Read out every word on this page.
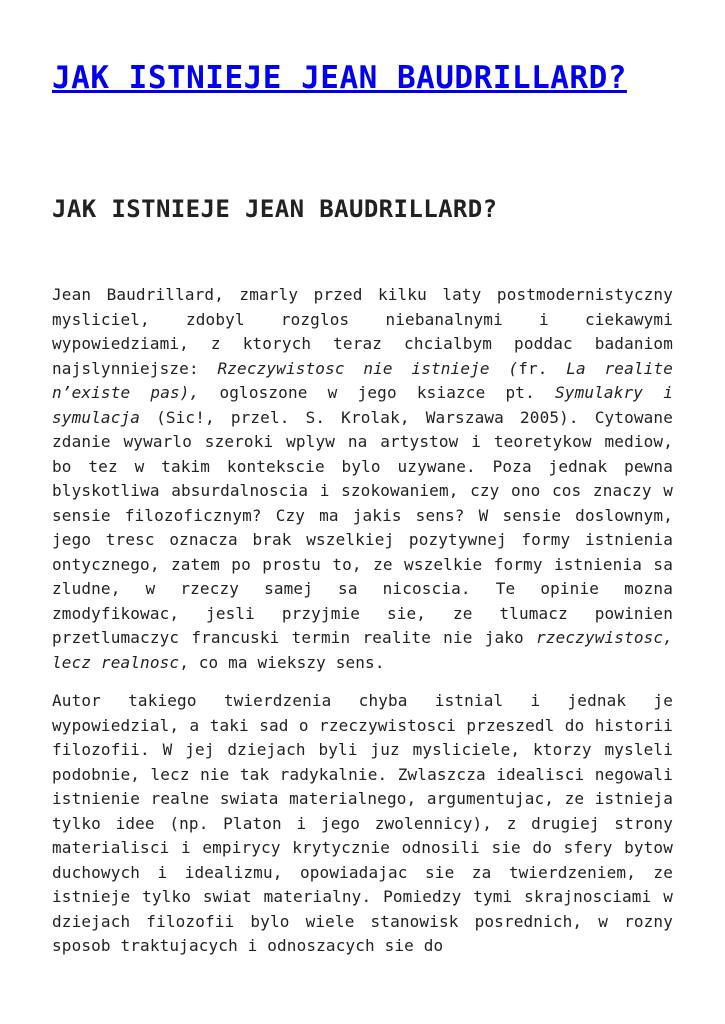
JAK ISTNIEJE JEAN BAUDRILLARD?
JAK ISTNIEJE JEAN BAUDRILLARD?

Jean Baudrillard, zmarly przed kilku laty postmodernistyczny mysliciel, zdobyl rozglos niebanalnymi i ciekawymi wypowiedziami, z ktorych teraz chcialbym poddac badaniom najslynniejsze: Rzeczywistosc nie istnieje (fr. La realite n’existe pas), ogloszone w jego ksiazce pt. Symulakry i symulacja (Sic!, przel. S. Krolak, Warszawa 2005). Cytowane zdanie wywarlo szeroki wplyw na artystow i teoretykow mediow, bo tez w takim kontekscie bylo uzywane. Poza jednak pewna blyskotliwa absurdalnoscia i szokowaniem, czy ono cos znaczy w sensie filozoficznym? Czy ma jakis sens? W sensie doslownym, jego tresc oznacza brak wszelkiej pozytywnej formy istnienia ontycznego, zatem po prostu to, ze wszelkie formy istnienia sa zludne, w rzeczy samej sa nicoscia. Te opinie mozna zmodyfikowac, jesli przyjmie sie, ze tlumacz powinien przetlumaczyc francuski termin realite nie jako rzeczywistosc, lecz realnosc, co ma wiekszy sens.

Autor takiego twierdzenia chyba istnial i jednak je wypowiedzial, a taki sad o rzeczywistosci przeszedl do historii filozofii. W jej dziejach byli juz mysliciele, ktorzy mysleli podobnie, lecz nie tak radykalnie. Zwlaszcza idealisci negowali istnienie realne swiata materialnego, argumentujac, ze istnieja tylko idee (np. Platon i jego zwolennicy), z drugiej strony materialisci i empirycy krytycznie odnosili sie do sfery bytow duchowych i idealizmu, opowiadajac sie za twierdzeniem, ze istnieje tylko swiat materialny. Pomiedzy tymi skrajnosciami w dziejach filozofii bylo wiele stanowisk posrednich, w rozny sposob traktujacych i odnoszacych sie do
